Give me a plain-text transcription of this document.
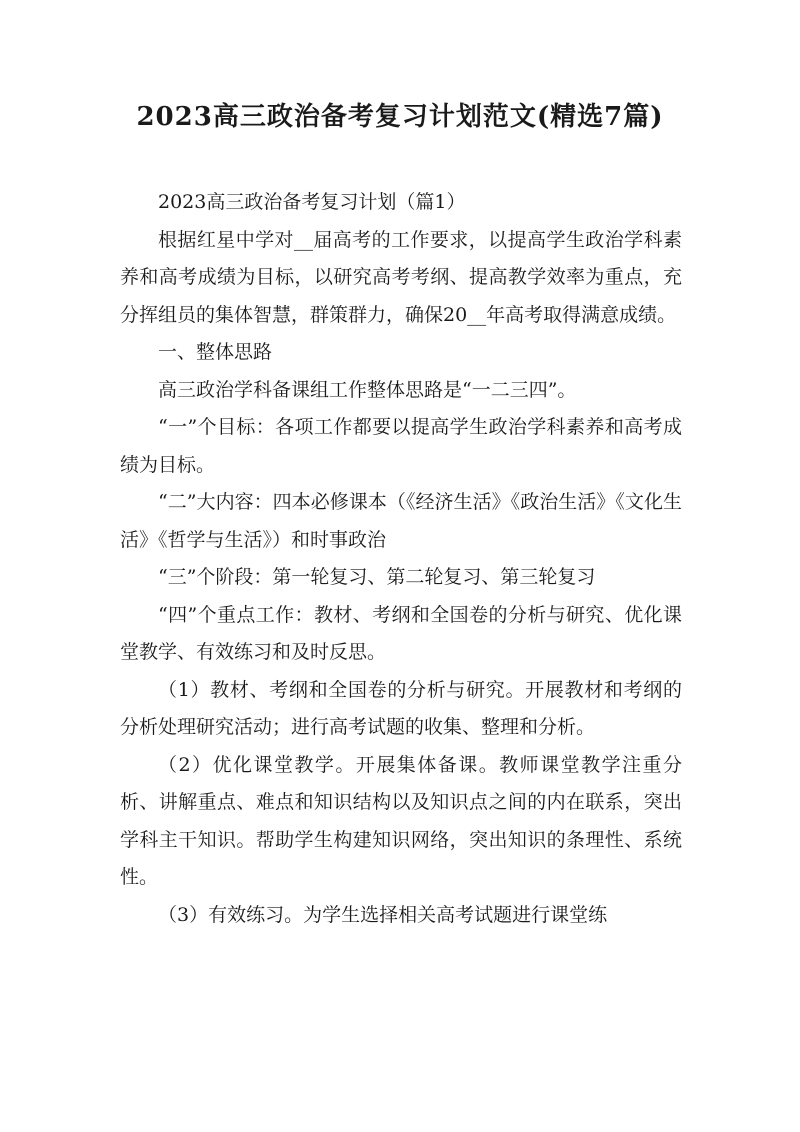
2023高三政治备考复习计划范文(精选7篇)

2023高三政治备考复习计划（篇1）

根据红星中学对__届高考的工作要求，以提高学生政治学科素养和高考成绩为目标，以研究高考考纲、提高教学效率为重点，充分挥组员的集体智慧，群策群力，确保20__年高考取得满意成绩。

一、整体思路

高三政治学科备课组工作整体思路是“一二三四”。

“一”个目标：各项工作都要以提高学生政治学科素养和高考成绩为目标。

“二”大内容：四本必修课本（《经济生活》《政治生活》《文化生活》《哲学与生活》）和时事政治

“三”个阶段：第一轮复习、第二轮复习、第三轮复习

“四”个重点工作：教材、考纲和全国卷的分析与研究、优化课堂教学、有效练习和及时反思。

（1）教材、考纲和全国卷的分析与研究。开展教材和考纲的分析处理研究活动；进行高考试题的收集、整理和分析。

（2）优化课堂教学。开展集体备课。教师课堂教学注重分析、讲解重点、难点和知识结构以及知识点之间的内在联系，突出学科主干知识。帮助学生构建知识网络，突出知识的条理性、系统性。

（3）有效练习。为学生选择相关高考试题进行课堂练
